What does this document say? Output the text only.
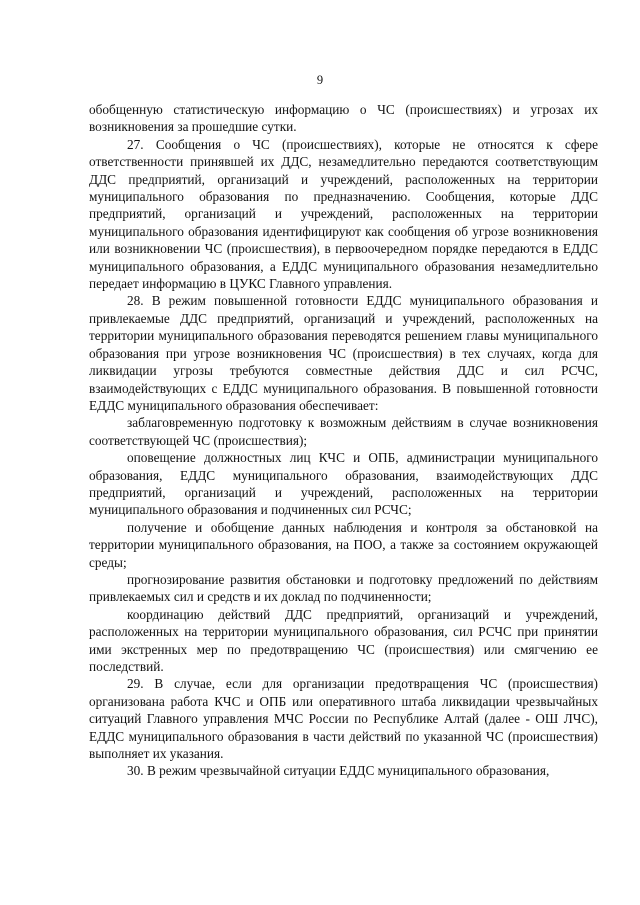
9

обобщенную статистическую информацию о ЧС (происшествиях) и угрозах их возникновения за прошедшие сутки.

27. Сообщения о ЧС (происшествиях), которые не относятся к сфере ответственности принявшей их ДДС, незамедлительно передаются соответствующим ДДС предприятий, организаций и учреждений, расположенных на территории муниципального образования по предназначению. Сообщения, которые ДДС предприятий, организаций и учреждений, расположенных на территории муниципального образования идентифицируют как сообщения об угрозе возникновения или возникновении ЧС (происшествия), в первоочередном порядке передаются в ЕДДС муниципального образования, а ЕДДС муниципального образования незамедлительно передает информацию в ЦУКС Главного управления.

28. В режим повышенной готовности ЕДДС муниципального образования и привлекаемые ДДС предприятий, организаций и учреждений, расположенных на территории муниципального образования переводятся решением главы муниципального образования при угрозе возникновения ЧС (происшествия) в тех случаях, когда для ликвидации угрозы требуются совместные действия ДДС и сил РСЧС, взаимодействующих с ЕДДС муниципального образования. В повышенной готовности ЕДДС муниципального образования обеспечивает:

заблаговременную подготовку к возможным действиям в случае возникновения соответствующей ЧС (происшествия);

оповещение должностных лиц КЧС и ОПБ, администрации муниципального образования, ЕДДС муниципального образования, взаимодействующих ДДС предприятий, организаций и учреждений, расположенных на территории муниципального образования и подчиненных сил РСЧС;

получение и обобщение данных наблюдения и контроля за обстановкой на территории муниципального образования, на ПОО, а также за состоянием окружающей среды;

прогнозирование развития обстановки и подготовку предложений по действиям привлекаемых сил и средств и их доклад по подчиненности;

координацию действий ДДС предприятий, организаций и учреждений, расположенных на территории муниципального образования, сил РСЧС при принятии ими экстренных мер по предотвращению ЧС (происшествия) или смягчению ее последствий.

29. В случае, если для организации предотвращения ЧС (происшествия) организована работа КЧС и ОПБ или оперативного штаба ликвидации чрезвычайных ситуаций Главного управления МЧС России по Республике Алтай (далее - ОШ ЛЧС), ЕДДС муниципального образования в части действий по указанной ЧС (происшествия) выполняет их указания.

30. В режим чрезвычайной ситуации ЕДДС муниципального образования,
